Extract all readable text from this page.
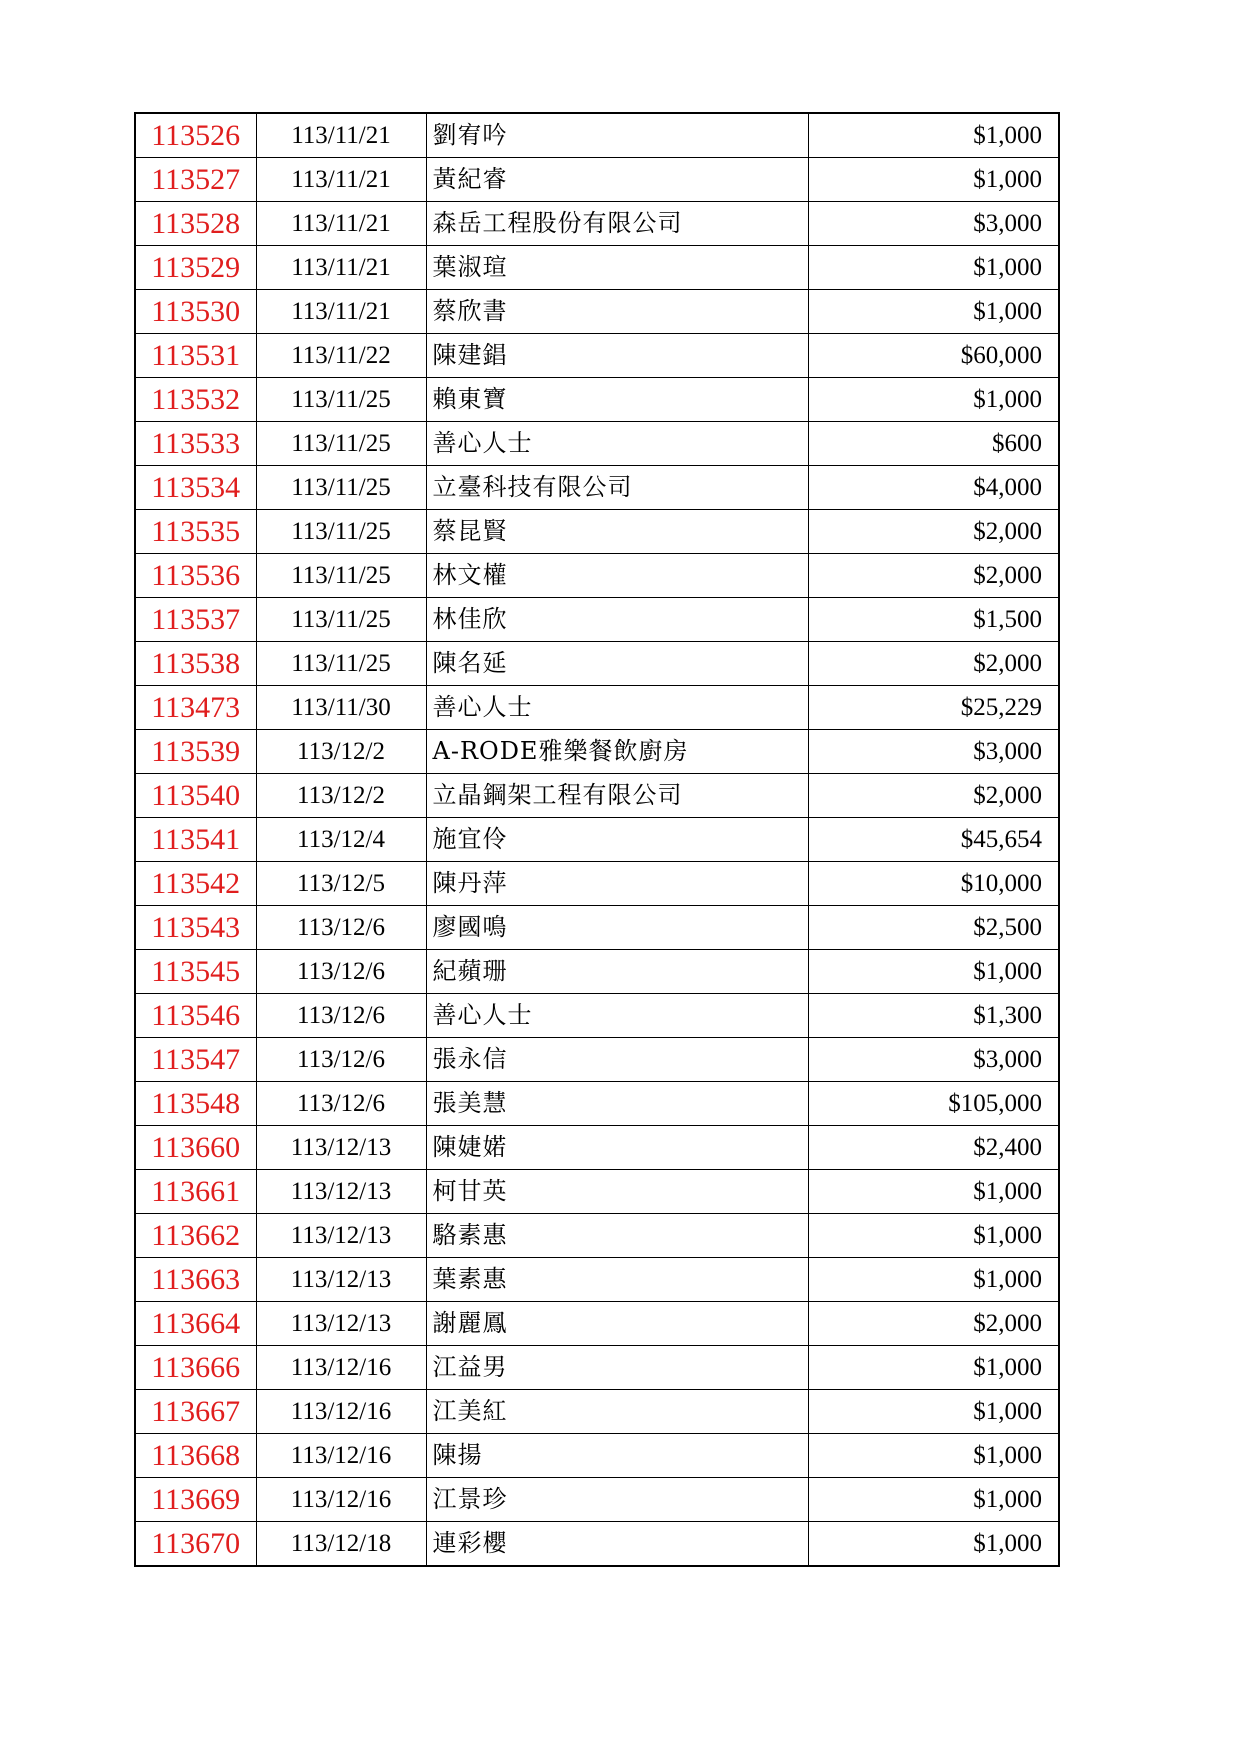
113526	113/11/21	劉宥吟	$1,000
113527	113/11/21	黃紀睿	$1,000
113528	113/11/21	森岳工程股份有限公司	$3,000
113529	113/11/21	葉淑瑄	$1,000
113530	113/11/21	蔡欣書	$1,000
113531	113/11/22	陳建錩	$60,000
113532	113/11/25	賴東寶	$1,000
113533	113/11/25	善心人士	$600
113534	113/11/25	立臺科技有限公司	$4,000
113535	113/11/25	蔡昆賢	$2,000
113536	113/11/25	林文權	$2,000
113537	113/11/25	林佳欣	$1,500
113538	113/11/25	陳名延	$2,000
113473	113/11/30	善心人士	$25,229
113539	113/12/2	A-RODE雅樂餐飲廚房	$3,000
113540	113/12/2	立晶鋼架工程有限公司	$2,000
113541	113/12/4	施宜伶	$45,654
113542	113/12/5	陳丹萍	$10,000
113543	113/12/6	廖國鳴	$2,500
113545	113/12/6	紀蘋珊	$1,000
113546	113/12/6	善心人士	$1,300
113547	113/12/6	張永信	$3,000
113548	113/12/6	張美慧	$105,000
113660	113/12/13	陳婕婼	$2,400
113661	113/12/13	柯甘英	$1,000
113662	113/12/13	駱素惠	$1,000
113663	113/12/13	葉素惠	$1,000
113664	113/12/13	謝麗鳳	$2,000
113666	113/12/16	江益男	$1,000
113667	113/12/16	江美紅	$1,000
113668	113/12/16	陳揚	$1,000
113669	113/12/16	江景珍	$1,000
113670	113/12/18	連彩櫻	$1,000
